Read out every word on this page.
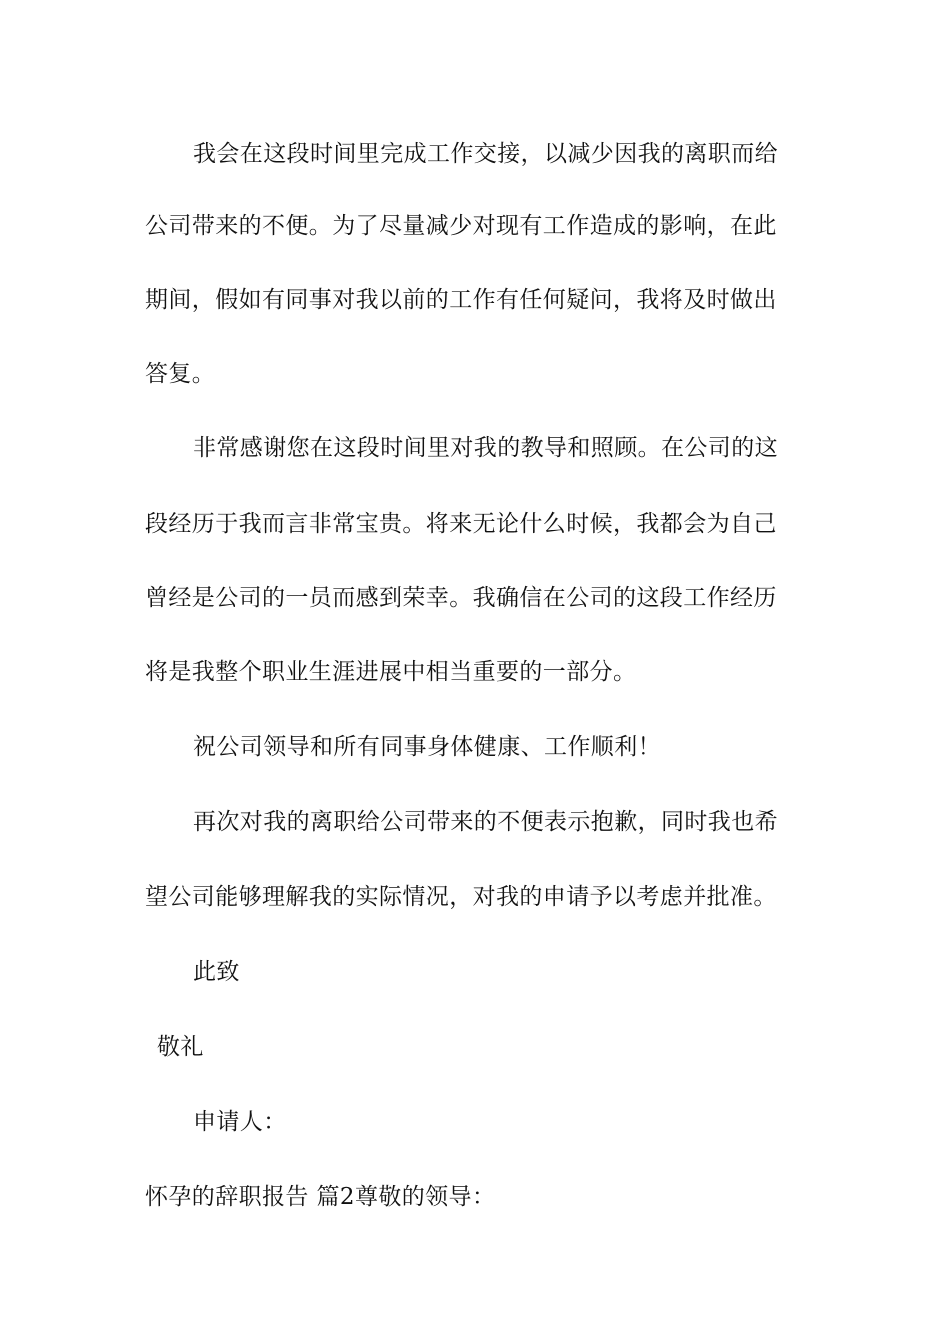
我会在这段时间里完成工作交接，以减少因我的离职而给
公司带来的不便。为了尽量减少对现有工作造成的影响，在此
期间，假如有同事对我以前的工作有任何疑问，我将及时做出
答复。
非常感谢您在这段时间里对我的教导和照顾。在公司的这
段经历于我而言非常宝贵。将来无论什么时候，我都会为自己
曾经是公司的一员而感到荣幸。我确信在公司的这段工作经历
将是我整个职业生涯进展中相当重要的一部分。
祝公司领导和所有同事身体健康、工作顺利！
再次对我的离职给公司带来的不便表示抱歉，同时我也希
望公司能够理解我的实际情况，对我的申请予以考虑并批准。
此致
敬礼
申请人：
怀孕的辞职报告 篇2尊敬的领导：
